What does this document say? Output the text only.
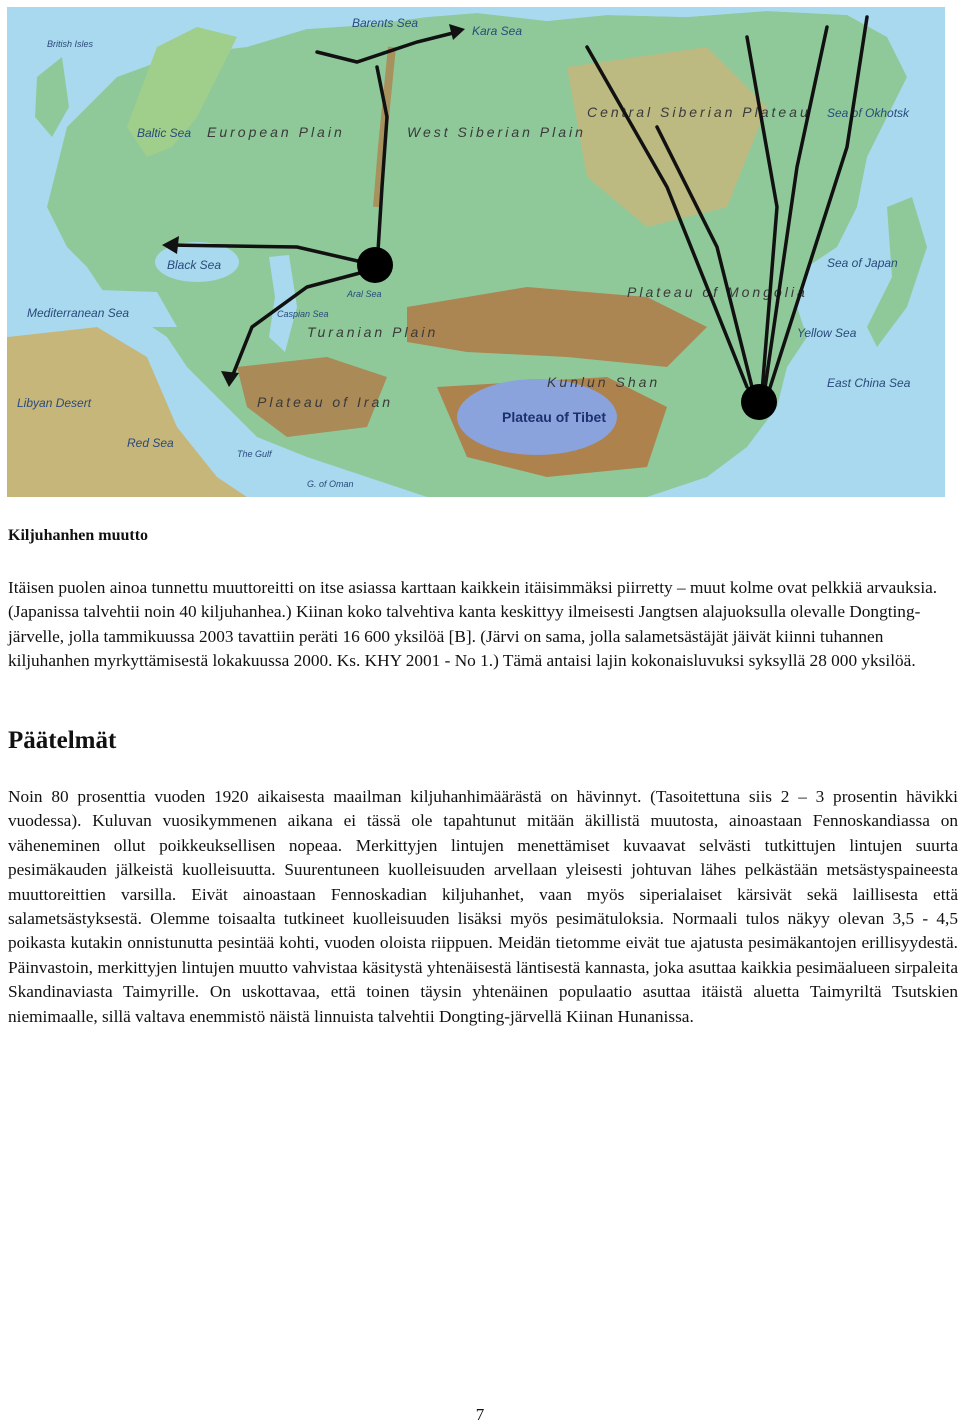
Barents Sea
Kara Sea
British Isles
Baltic Sea European Plain	West Siberian Plain
Central Siberian Plateau
Black Sea
Caspian Sea
Mediterranean Sea
Aral Sea
Turanian Plain
Plateau of Iran
Plateau of Mongolia
Kunlun Shan
Plateau of Tibet
Sea of Okhotsk
Sea of Japan
Yellow Sea
East China Sea
Libyan Desert
Red Sea
The Gulf
G. of Oman
Kiljuhanhen muutto

Itäisen puolen ainoa tunnettu muuttoreitti on itse asiassa karttaan kaikkein itäisimmäksi piirretty – muut kolme ovat pelkkiä arvauksia. (Japanissa talvehtii noin 40 kiljuhanhea.) Kiinan koko talvehtiva kanta keskittyy ilmeisesti Jangtsen alajuoksulla olevalle Dongting-järvelle, jolla tammikuussa 2003 tavattiin peräti 16 600 yksilöä [B]. (Järvi on sama, jolla salametsästäjät jäivät kiinni tuhannen kiljuhanhen myrkyttämisestä lokakuussa 2000. Ks. KHY 2001 - No 1.) Tämä antaisi lajin kokonaisluvuksi syksyllä 28 000 yksilöä.

Päätelmät

Noin 80 prosenttia vuoden 1920 aikaisesta maailman kiljuhanhimäärästä on hävinnyt. (Tasoitettuna siis 2 – 3 prosentin hävikki vuodessa). Kuluvan vuosikymmenen aikana ei tässä ole tapahtunut mitään äkillistä muutosta, ainoastaan Fennoskandiassa on väheneminen ollut poikkeuksellisen nopeaa. Merkittyjen lintujen menettämiset kuvaavat selvästi tutkittujen lintujen suurta pesimäkauden jälkeistä kuolleisuutta. Suurentuneen kuolleisuuden arvellaan yleisesti johtuvan lähes pelkästään metsästyspaineesta muuttoreittien varsilla. Eivät ainoastaan Fennoskadian kiljuhanhet, vaan myös siperialaiset kärsivät sekä laillisesta että salametsästyksestä. Olemme toisaalta tutkineet kuolleisuuden lisäksi myös pesimätuloksia. Normaali tulos näkyy olevan 3,5 - 4,5 poikasta kutakin onnistunutta pesintää kohti, vuoden oloista riippuen. Meidän tietomme eivät tue ajatusta pesimäkantojen erillisyydestä. Päinvastoin, merkittyjen lintujen muutto vahvistaa käsitystä yhtenäisestä läntisestä kannasta, joka asuttaa kaikkia pesimäalueen sirpaleita Skandinaviasta Taimyrille. On uskottavaa, että toinen täysin yhtenäinen populaatio asuttaa itäistä aluetta Taimyriltä Tsutskien niemimaalle, sillä valtava enemmistö näistä linnuista talvehtii Dongting-järvellä Kiinan Hunanissa.

7
